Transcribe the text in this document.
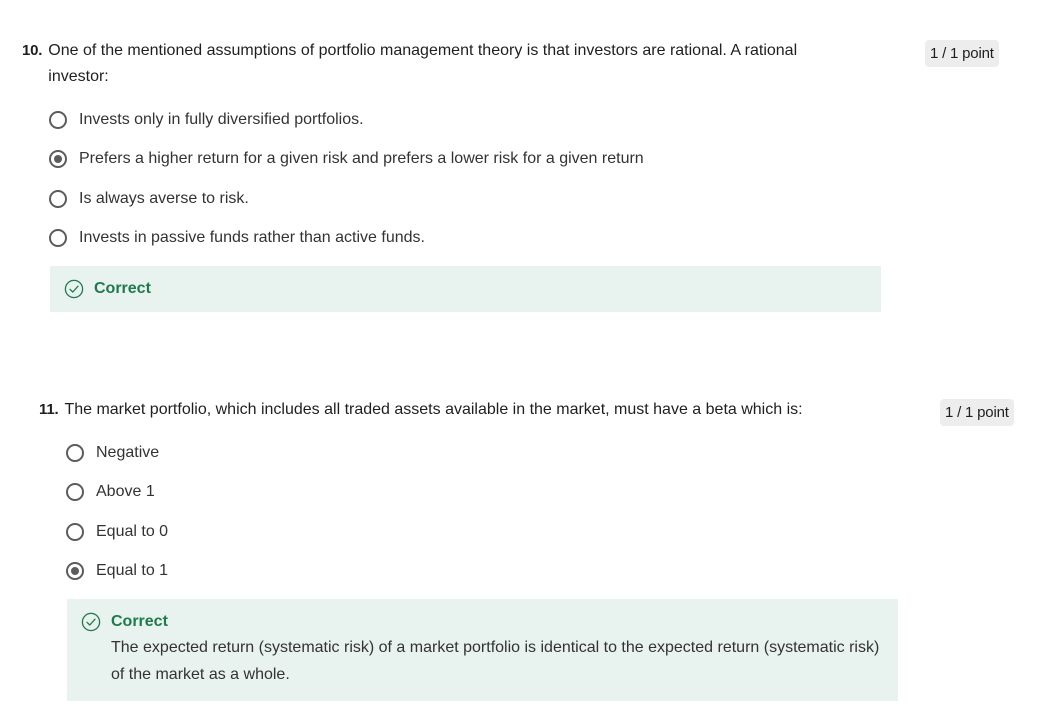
10. One of the mentioned assumptions of portfolio management theory is that investors are rational. A rational investor:
1 / 1 point
Invests only in fully diversified portfolios.
Prefers a higher return for a given risk and prefers a lower risk for a given return
Is always averse to risk.
Invests in passive funds rather than active funds.
Correct
11. The market portfolio, which includes all traded assets available in the market, must have a beta which is:	1 / 1 point
Negative
Above 1
Equal to 0
Equal to 1
Correct
The expected return (systematic risk) of a market portfolio is identical to the expected return (systematic risk) of the market as a whole.
